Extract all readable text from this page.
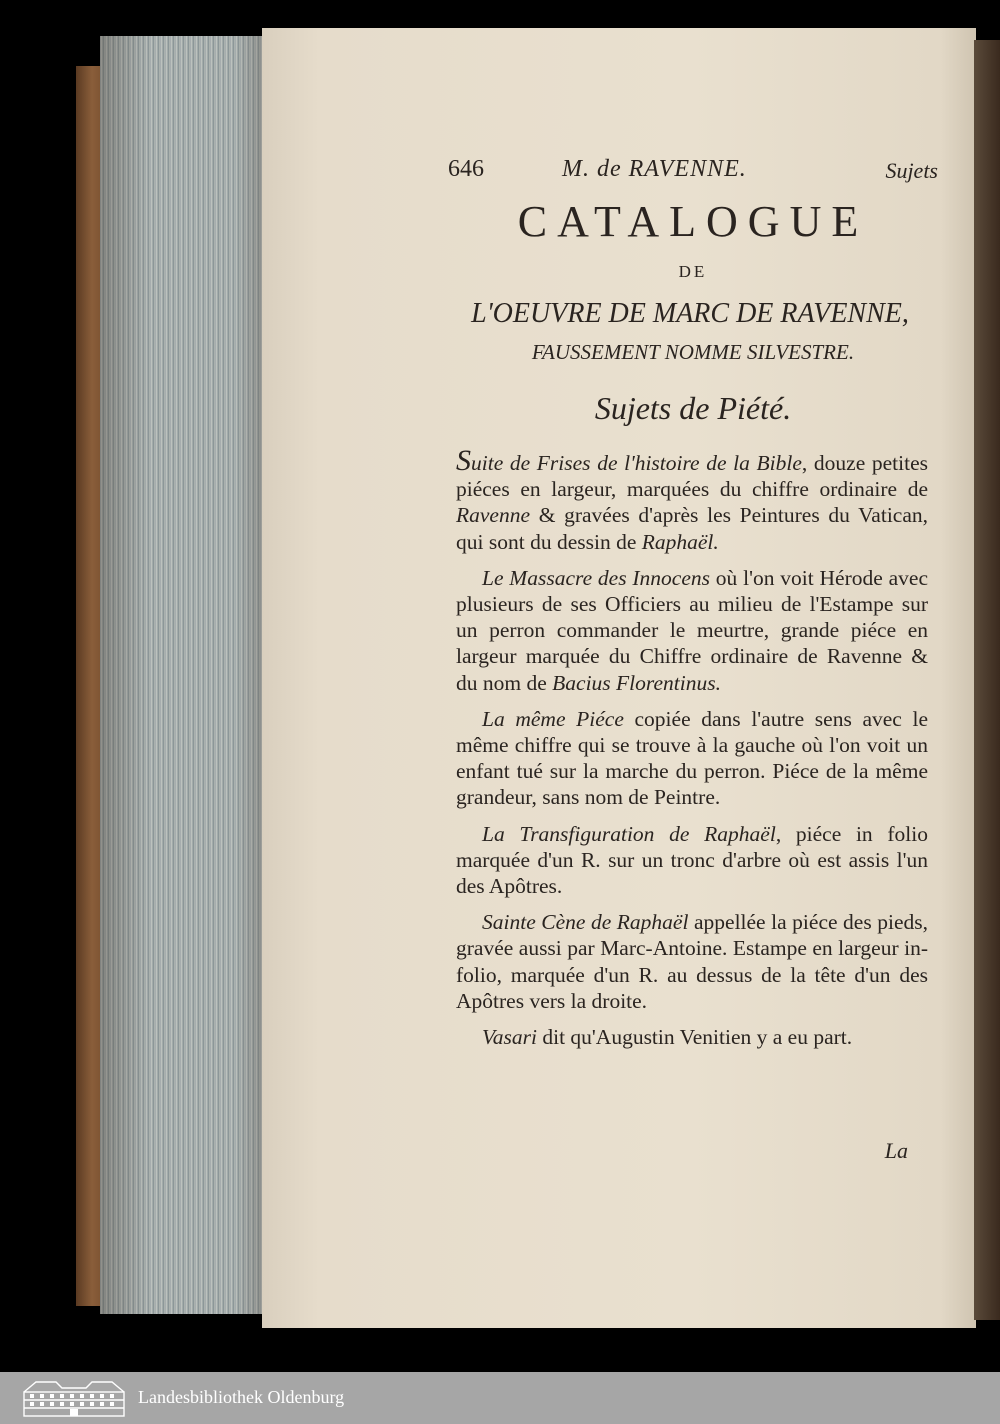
646	M. de RAVENNE.	Sujets
CATALOGUE
DE
L'OEUVRE DE MARC DE RAVENNE,
FAUSSEMENT NOMME SILVESTRE.
Sujets de Piété.

Suite de Frises de l'histoire de la Bible, douze petites piéces en largeur, marquées du chiffre ordinaire de Ravenne & gravées d'après les Peintures du Vatican, qui sont du dessin de Raphaël.

Le Massacre des Innocens où l'on voit Hérode avec plusieurs de ses Officiers au milieu de l'Estampe sur un perron commander le meurtre, grande piéce en largeur marquée du Chiffre ordinaire de Ravenne & du nom de Bacius Florentinus.

La même Piéce copiée dans l'autre sens avec le même chiffre qui se trouve à la gauche où l'on voit un enfant tué sur la marche du perron. Piéce de la même grandeur, sans nom de Peintre.

La Transfiguration de Raphaël, piéce in folio marquée d'un R. sur un tronc d'arbre où est assis l'un des Apôtres.

Sainte Cène de Raphaël appellée la piéce des pieds, gravée aussi par Marc-Antoine. Estampe en largeur in-folio, marquée d'un R. au dessus de la tête d'un des Apôtres vers la droite.

Vasari dit qu'Augustin Venitien y a eu part.

La
Landesbibliothek Oldenburg
